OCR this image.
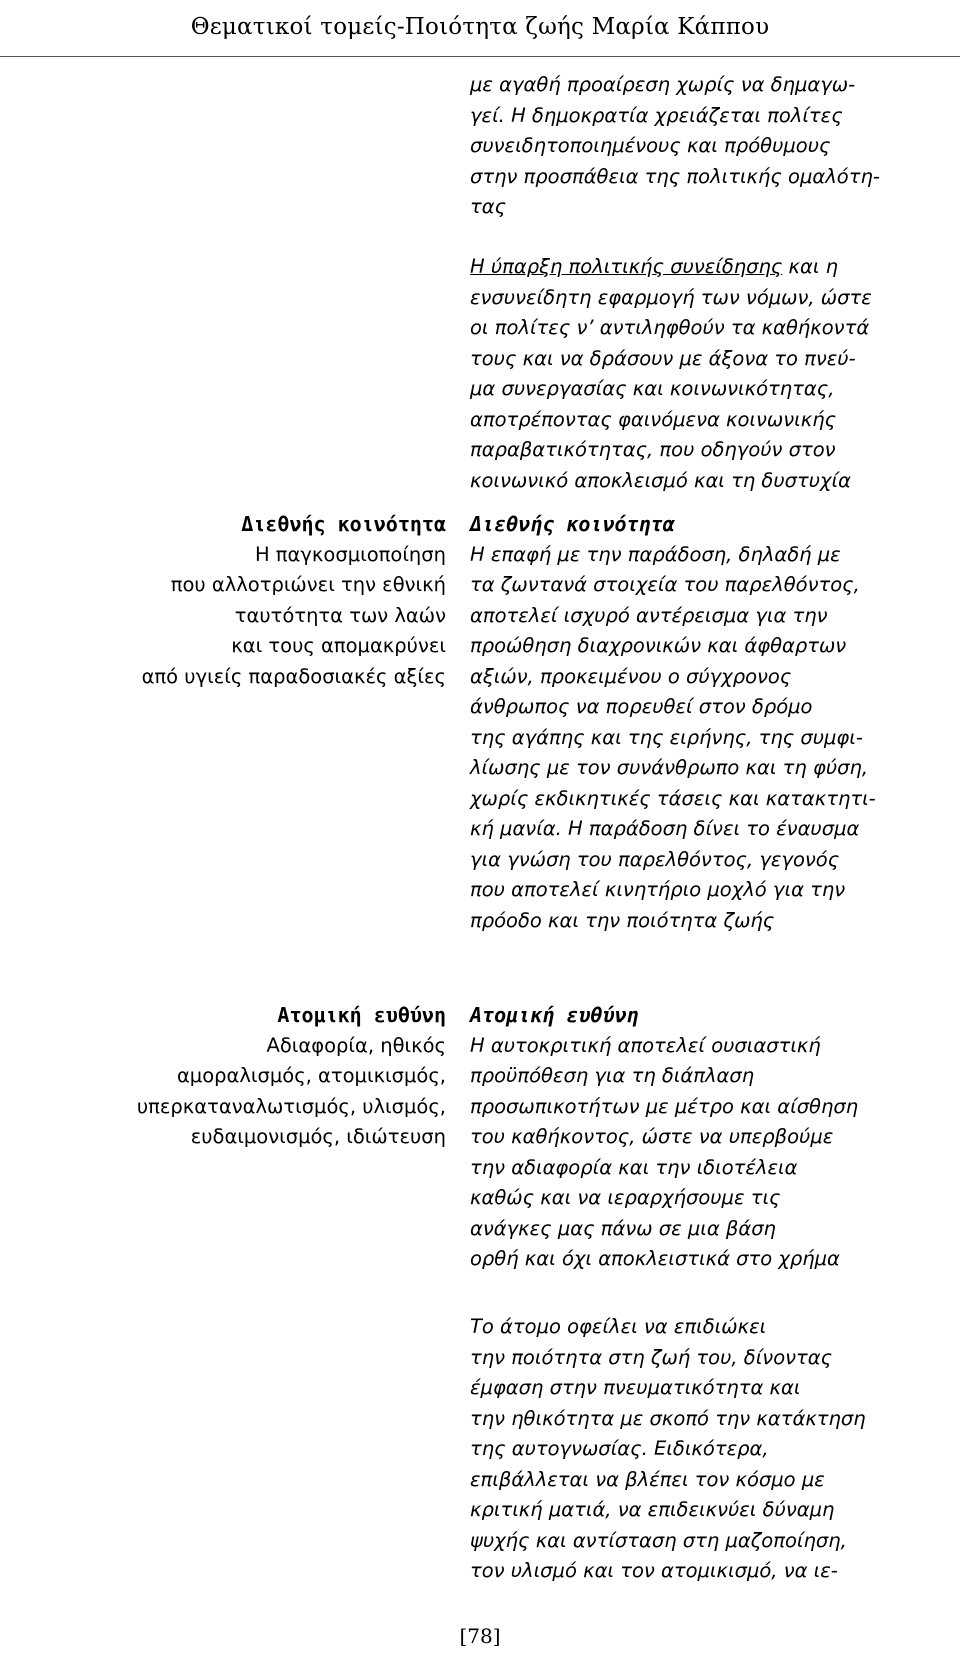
Θεματικοί τομείς-Ποιότητα ζωής Μαρία Κάππου
με αγαθή προαίρεση χωρίς να δημαγω-
γεί. Η δημοκρατία χρειάζεται πολίτες
συνειδητοποιημένους και πρόθυμους
στην προσπάθεια της πολιτικής ομαλότη-
τας
Η ύπαρξη πολιτικής συνείδησης και η
ενσυνείδητη εφαρμογή των νόμων, ώστε
οι πολίτες ν’ αντιληφθούν τα καθήκοντά
τους και να δράσουν με άξονα το πνεύ-
μα συνεργασίας και κοινωνικότητας,
αποτρέποντας φαινόμενα κοινωνικής
παραβατικότητας, που οδηγούν στον
κοινωνικό αποκλεισμό και τη δυστυχία
Διεθνής κοινότητα
Η επαφή με την παράδοση, δηλαδή με
τα ζωντανά στοιχεία του παρελθόντος,
αποτελεί ισχυρό αντέρεισμα για την
προώθηση διαχρονικών και άφθαρτων
αξιών, προκειμένου ο σύγχρονος
άνθρωπος να πορευθεί στον δρόμο
της αγάπης και της ειρήνης, της συμφι-
λίωσης με τον συνάνθρωπο και τη φύση,
χωρίς εκδικητικές τάσεις και κατακτητι-
κή μανία. Η παράδοση δίνει το έναυσμα
για γνώση του παρελθόντος, γεγονός
που αποτελεί κινητήριο μοχλό για την
πρόοδο και την ποιότητα ζωής
Ατομική ευθύνη
Η αυτοκριτική αποτελεί ουσιαστική
προϋπόθεση για τη διάπλαση
προσωπικοτήτων με μέτρο και αίσθηση
του καθήκοντος, ώστε να υπερβούμε
την αδιαφορία και την ιδιοτέλεια
καθώς και να ιεραρχήσουμε τις
ανάγκες μας πάνω σε μια βάση
ορθή και όχι αποκλειστικά στο χρήμα
Το άτομο οφείλει να επιδιώκει
την ποιότητα στη ζωή του, δίνοντας
έμφαση στην πνευματικότητα και
την ηθικότητα με σκοπό την κατάκτηση
της αυτογνωσίας. Ειδικότερα,
επιβάλλεται να βλέπει τον κόσμο με
κριτική ματιά, να επιδεικνύει δύναμη
ψυχής και αντίσταση στη μαζοποίηση,
τον υλισμό και τον ατομικισμό, να ιε-
Διεθνής κοινότητα
Η παγκοσμιοποίηση
που αλλοτριώνει την εθνική
ταυτότητα των λαών
και τους απομακρύνει
από υγιείς παραδοσιακές αξίες
Ατομική ευθύνη
Αδιαφορία, ηθικός
αμοραλισμός, ατομικισμός,
υπερκαταναλωτισμός, υλισμός,
ευδαιμονισμός, ιδιώτευση
[78]
